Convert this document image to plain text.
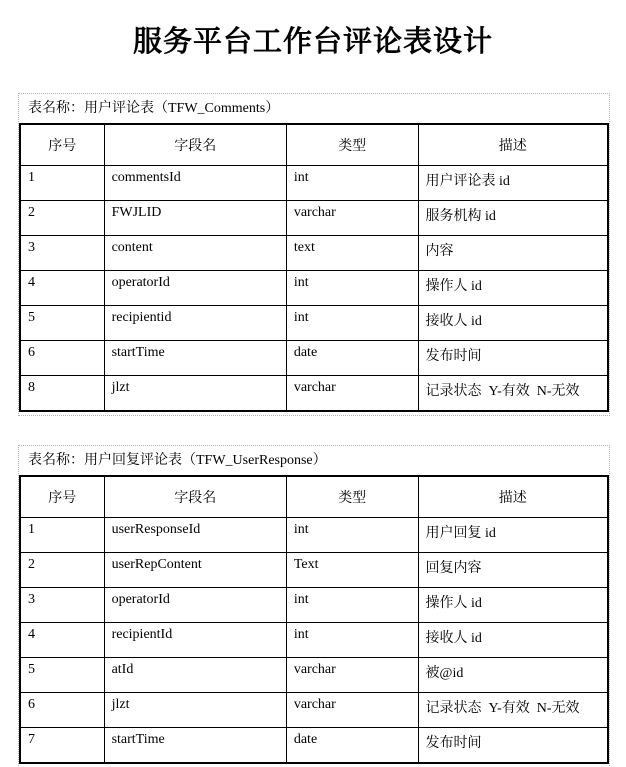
服务平台工作台评论表设计
表名称：用户评论表（TFW_Comments）
序号	字段名	类型	描述
1	commentsId	int	用户评论表 id
2	FWJLID	varchar	服务机构 id
3	content	text	内容
4	operatorId	int	操作人 id
5	recipientid	int	接收人 id
6	startTime	date	发布时间
8	jlzt	varchar	记录状态  Y-有效  N-无效
表名称：用户回复评论表（TFW_UserResponse）
序号	字段名	类型	描述
1	userResponseId	int	用户回复 id
2	userRepContent	Text	回复内容
3	operatorId	int	操作人 id
4	recipientId	int	接收人 id
5	atId	varchar	被@id
6	jlzt	varchar	记录状态  Y-有效  N-无效
7	startTime	date	发布时间
